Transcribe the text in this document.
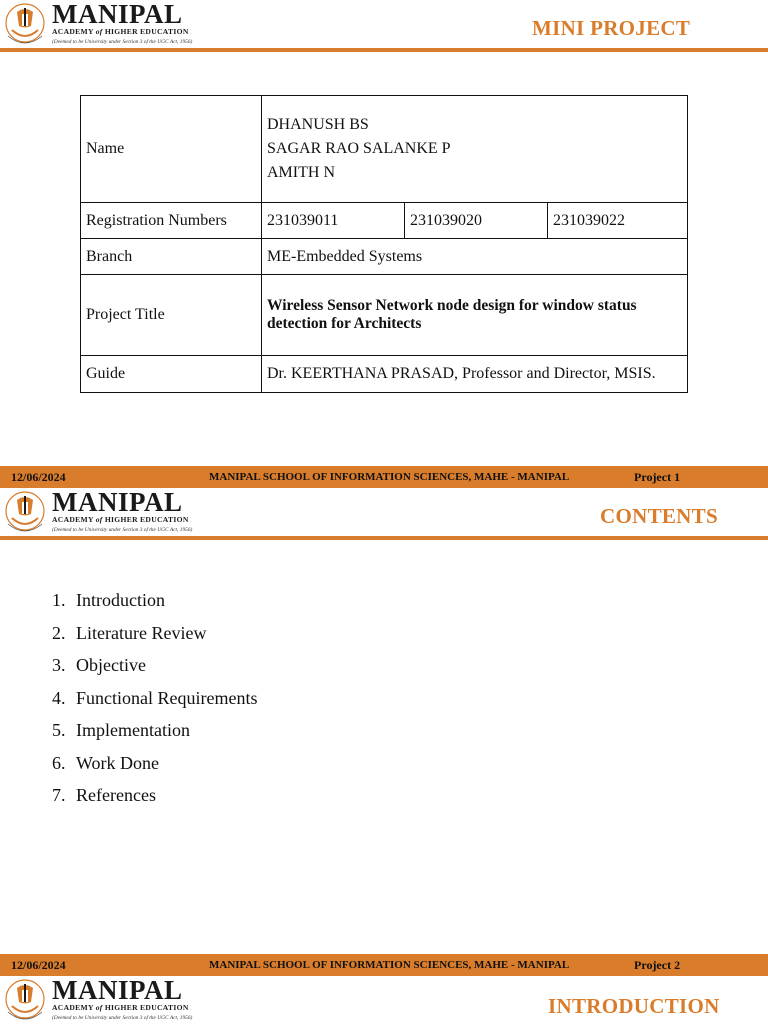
MANIPAL
ACADEMY of HIGHER EDUCATION
(Deemed to be University under Section 3 of the UGC Act, 1956)
MINI PROJECT
Name	DHANUSH BS
SAGAR RAO SALANKE P
AMITH N		

Registration Numbers	231039011	231039020	231039022
Branch	ME-Embedded Systems		
Project Title	Wireless Sensor Network node design for window status detection for Architects		
Guide	Dr. KEERTHANA PRASAD, Professor and Director, MSIS.		
12/06/2024	MANIPAL SCHOOL OF INFORMATION SCIENCES, MAHE - MANIPAL	Project 1
MANIPAL
ACADEMY of HIGHER EDUCATION
(Deemed to be University under Section 3 of the UGC Act, 1956)
CONTENTS
1. Introduction
2. Literature Review
3. Objective
4. Functional Requirements
5. Implementation
6. Work Done
7. References
12/06/2024	MANIPAL SCHOOL OF INFORMATION SCIENCES, MAHE - MANIPAL	Project 2
MANIPAL
ACADEMY of HIGHER EDUCATION
(Deemed to be University under Section 3 of the UGC Act, 1956)	INTRODUCTION
